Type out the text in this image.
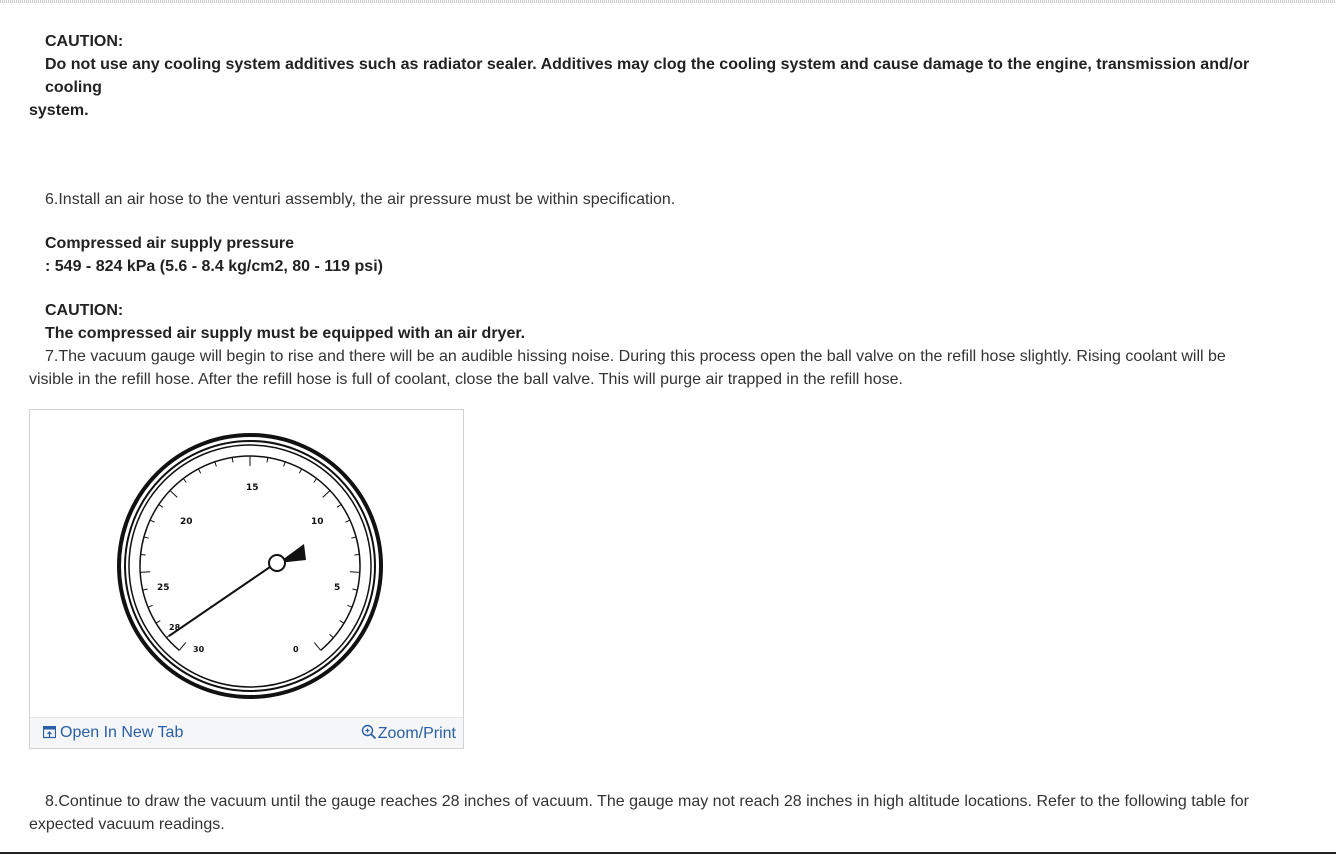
CAUTION:

Do not use any cooling system additives such as radiator sealer. Additives may clog the cooling system and cause damage to the engine, transmission and/or cooling

system.

6.Install an air hose to the venturi assembly, the air pressure must be within specification.

Compressed air supply pressure

: 549 - 824 kPa (5.6 - 8.4 kg/cm2, 80 - 119 psi)

CAUTION:

The compressed air supply must be equipped with an air dryer.

7.The vacuum gauge will begin to rise and there will be an audible hissing noise. During this process open the ball valve on the refill hose slightly. Rising coolant will be

visible in the refill hose. After the refill hose is full of coolant, close the ball valve. This will purge air trapped in the refill hose.

15
20	10
25	5
28
30	0
Open In New Tab	Zoom/Print

8.Continue to draw the vacuum until the gauge reaches 28 inches of vacuum. The gauge may not reach 28 inches in high altitude locations. Refer to the following table for

expected vacuum readings.
